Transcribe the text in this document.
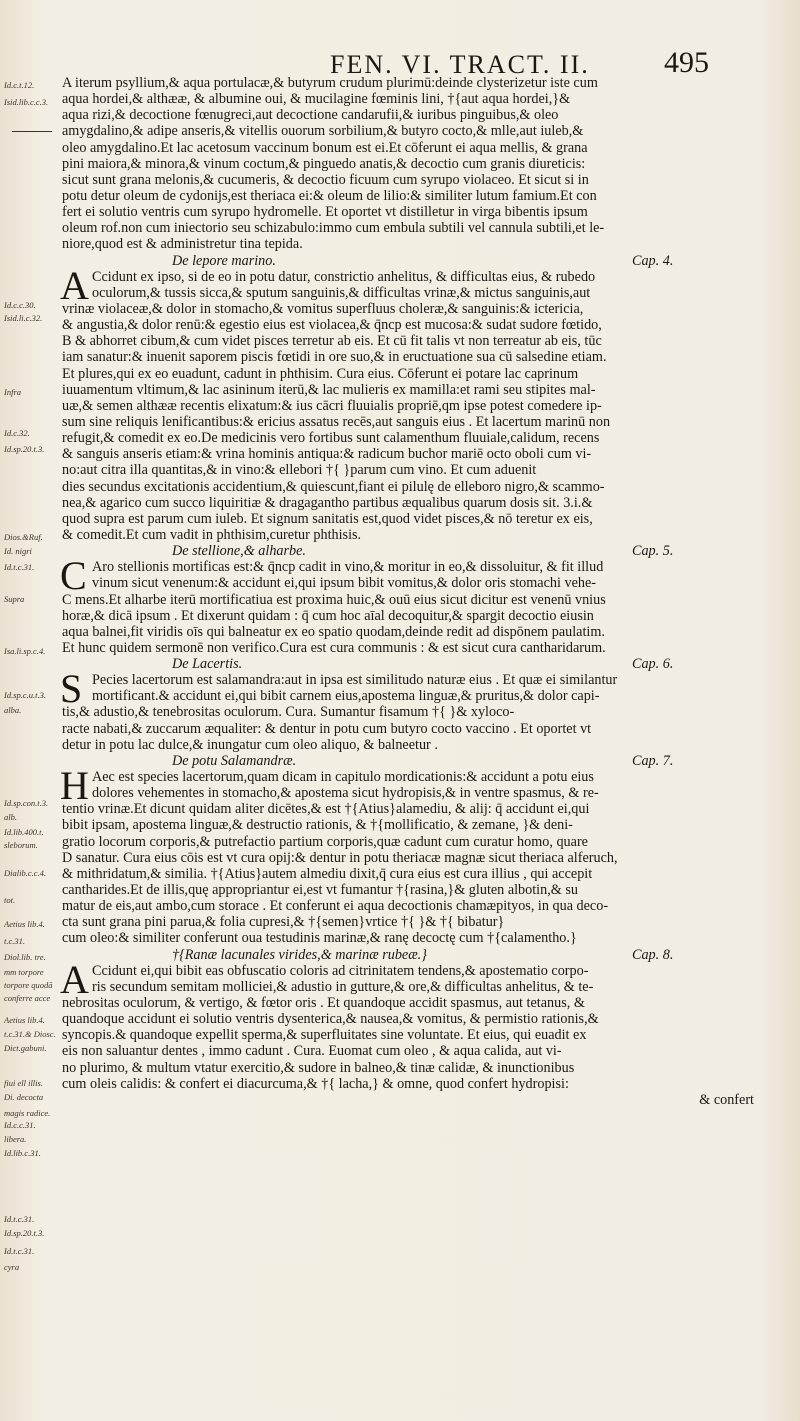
FEN. VI. TRACT. II. 495
Id.c.t.12.
Isid.lib.c.c.3.
Id.c.c.30.
Isid.li.c.32.
Infra
Id.c.32.
Id.sp.20.t.3.
Dios.&Ruf.
Id. nigri
Id.t.c.31.
Supra
Isa.li.sp.c.4.
Id.sp.c.u.t.3.
alba.
Id.sp.con.t.3.
alb.
Id.lib.400.t.
sleborum.
Dialib.c.c.4.
tot.
Aetius lib.4.
t.c.31.
Diol.lib. tre.
mm torpore
torpore quodā
conferre acce
Aetius lib.4.
t.c.31.& Diosc.
Dict.gabuni.
fiui ell illis.
Di. decocta
magis radice.
Id.c.c.31.
libera.
Id.lib.c.31.
Id.t.c.31.
Id.sp.20.t.3.
Id.t.c.31.
cyra
A iterum psyllium,& aqua portulacæ,& butyrum crudum plurimū:deinde clysterizetur iste cum
aqua hordei,& althææ, & albumine oui, & mucilagine fœminis lini, †{aut aqua hordei,}&
aqua rizi,& decoctione fœnugreci,aut decoctione candarufii,& iuribus pinguibus,& oleo
amygdalino,& adipe anseris,& vitellis ouorum sorbilium,& butyro cocto,& mlle,aut iuleb,&
oleo amygdalino.Et lac acetosum vaccinum bonum est ei.Et cōferunt ei aqua mellis, & grana
pini maiora,& minora,& vinum coctum,& pinguedo anatis,& decoctio cum granis diureticis:
sicut sunt grana melonis,& cucumeris, & decoctio ficuum cum syrupo violaceo. Et sicut si in
potu detur oleum de cydonijs,est theriaca ei:& oleum de lilio:& similiter lutum famium.Et con
fert ei solutio ventris cum syrupo hydromelle. Et oportet vt distilletur in virga bibentis ipsum
oleum rof.non cum iniectorio seu schizabulo:immo cum embula subtili vel cannula subtili,et le-
niore,quod est & administretur tina tepida.
De lepore marino.	Cap. 4.
A Ccidunt ex ipso, si de eo in potu datur, constrictio anhelitus, & difficultas eius, & rubedo
oculorum,& tussis sicca,& sputum sanguinis,& difficultas vrinæ,& mictus sanguinis,aut
vrinæ violaceæ,& dolor in stomacho,& vomitus superfluus choleræ,& sanguinis:& ictericia,
& angustia,& dolor renū:& egestio eius est violacea,& q̄ncp est mucosa:& sudat sudore fœtido,
B & abhorret cibum,& cum videt pisces terretur ab eis. Et cū fit talis vt non terreatur ab eis, tūc
iam sanatur:& inuenit saporem piscis fœtidi in ore suo,& in eructuatione sua cū salsedine etiam.
Et plures,qui ex eo euadunt, cadunt in phthisim. Cura eius. Cōferunt ei potare lac caprinum
iuuamentum vltimum,& lac asininum iterū,& lac mulieris ex mamilla:et rami seu stipites mal-
uæ,& semen althææ recentis elixatum:& ius cācri fluuialis propriē,qm ipse potest comedere ip-
sum sine reliquis lenificantibus:& ericius assatus recēs,aut sanguis eius . Et lacertum marinū non
refugit,& comedit ex eo.De medicinis vero fortibus sunt calamenthum fluuiale,calidum, recens
& sanguis anseris etiam:& vrina hominis antiqua:& radicum buchor mariē octo oboli cum vi-
no:aut citra illa quantitas,& in vino:& ellebori †{ }parum cum vino. Et cum aduenit
dies secundus excitationis accidentium,& quiescunt,fiant ei pilulę de elleboro nigro,& scammo-
nea,& agarico cum succo liquiritiæ & dragagantho partibus æqualibus quarum dosis sit. 3.i.&
quod supra est parum cum iuleb. Et signum sanitatis est,quod videt pisces,& nō teretur ex eis,
& comedit.Et cum vadit in phthisim,curetur phthisis.
De stellione,& alharbe.	Cap. 5.
C Aro stellionis mortificas est:& q̄ncp cadit in vino,& moritur in eo,& dissoluitur, & fit illud
vinum sicut venenum:& accidunt ei,qui ipsum bibit vomitus,& dolor oris stomachi vehe-
C mens.Et alharbe iterū mortificatiua est proxima huic,& ouū eius sicut dicitur est venenū vnius
horæ,& dicā ipsum . Et dixerunt quidam : q̄ cum hoc aīal decoquitur,& spargit decoctio eiusin
aqua balnei,fit viridis oīs qui balneatur ex eo spatio quodam,deinde redit ad dispōnem paulatim.
Et hunc quidem sermonē non verifico.Cura est cura communis : & est sicut cura cantharidarum.
De Lacertis.	Cap. 6.
S Pecies lacertorum est salamandra:aut in ipsa est similitudo naturæ eius . Et quæ ei similantur
mortificant.& accidunt ei,qui bibit carnem eius,apostema linguæ,& pruritus,& dolor capi-
tis,& adustio,& tenebrositas oculorum. Cura. Sumantur fisamum †{ }& xyloco-
racte nabati,& zuccarum æqualiter: & dentur in potu cum butyro cocto vaccino . Et oportet vt
detur in potu lac dulce,& inungatur cum oleo aliquo, & balneetur .
De potu Salamandræ.	Cap. 7.
H Aec est species lacertorum,quam dicam in capitulo mordicationis:& accidunt a potu eius
dolores vehementes in stomacho,& apostema sicut hydropisis,& in ventre spasmus, & re-
tentio vrinæ.Et dicunt quidam aliter dicētes,& est †{Atius}alamediu, & alij: q̄ accidunt ei,qui
bibit ipsam, apostema linguæ,& destructio rationis, & †{mollificatio, & zemane, }& deni-
gratio locorum corporis,& putrefactio partium corporis,quæ cadunt cum curatur homo, quare
D sanatur. Cura eius cōis est vt cura opij:& dentur in potu theriacæ magnæ sicut theriaca alferuch,
& mithridatum,& similia. †{Atius}autem almediu dixit,q̄ cura eius est cura illius , qui accepit
cantharides.Et de illis,quę appropriantur ei,est vt fumantur †{rasina,}& gluten albotin,& su
matur de eis,aut ambo,cum storace . Et conferunt ei aqua decoctionis chamæpityos, in qua deco-
cta sunt grana pini parua,& folia cupresi,& †{semen}vrtice †{ }& †{ bibatur}
cum oleo:& similiter conferunt oua testudinis marinæ,& ranę decoctę cum †{calamentho.}
†{Ranæ lacunales virides,& marinæ rubeæ.}	Cap. 8.
A Ccidunt ei,qui bibit eas obfuscatio coloris ad citrinitatem tendens,& apostematio corpo-
ris secundum semitam molliciei,& adustio in gutture,& ore,& difficultas anhelitus, & te-
nebrositas oculorum, & vertigo, & fœtor oris . Et quandoque accidit spasmus, aut tetanus, &
quandoque accidunt ei solutio ventris dysenterica,& nausea,& vomitus, & permistio rationis,&
syncopis.& quandoque expellit sperma,& superfluitates sine voluntate. Et eius, qui euadit ex
eis non saluantur dentes , immo cadunt . Cura. Euomat cum oleo , & aqua calida, aut vi-
no plurimo, & multum vtatur exercitio,& sudore in balneo,& tinæ calidæ, & inunctionibus
cum oleis calidis: & confert ei diacurcuma,& †{ lacha,} & omne, quod confert hydropisi:
& confert
